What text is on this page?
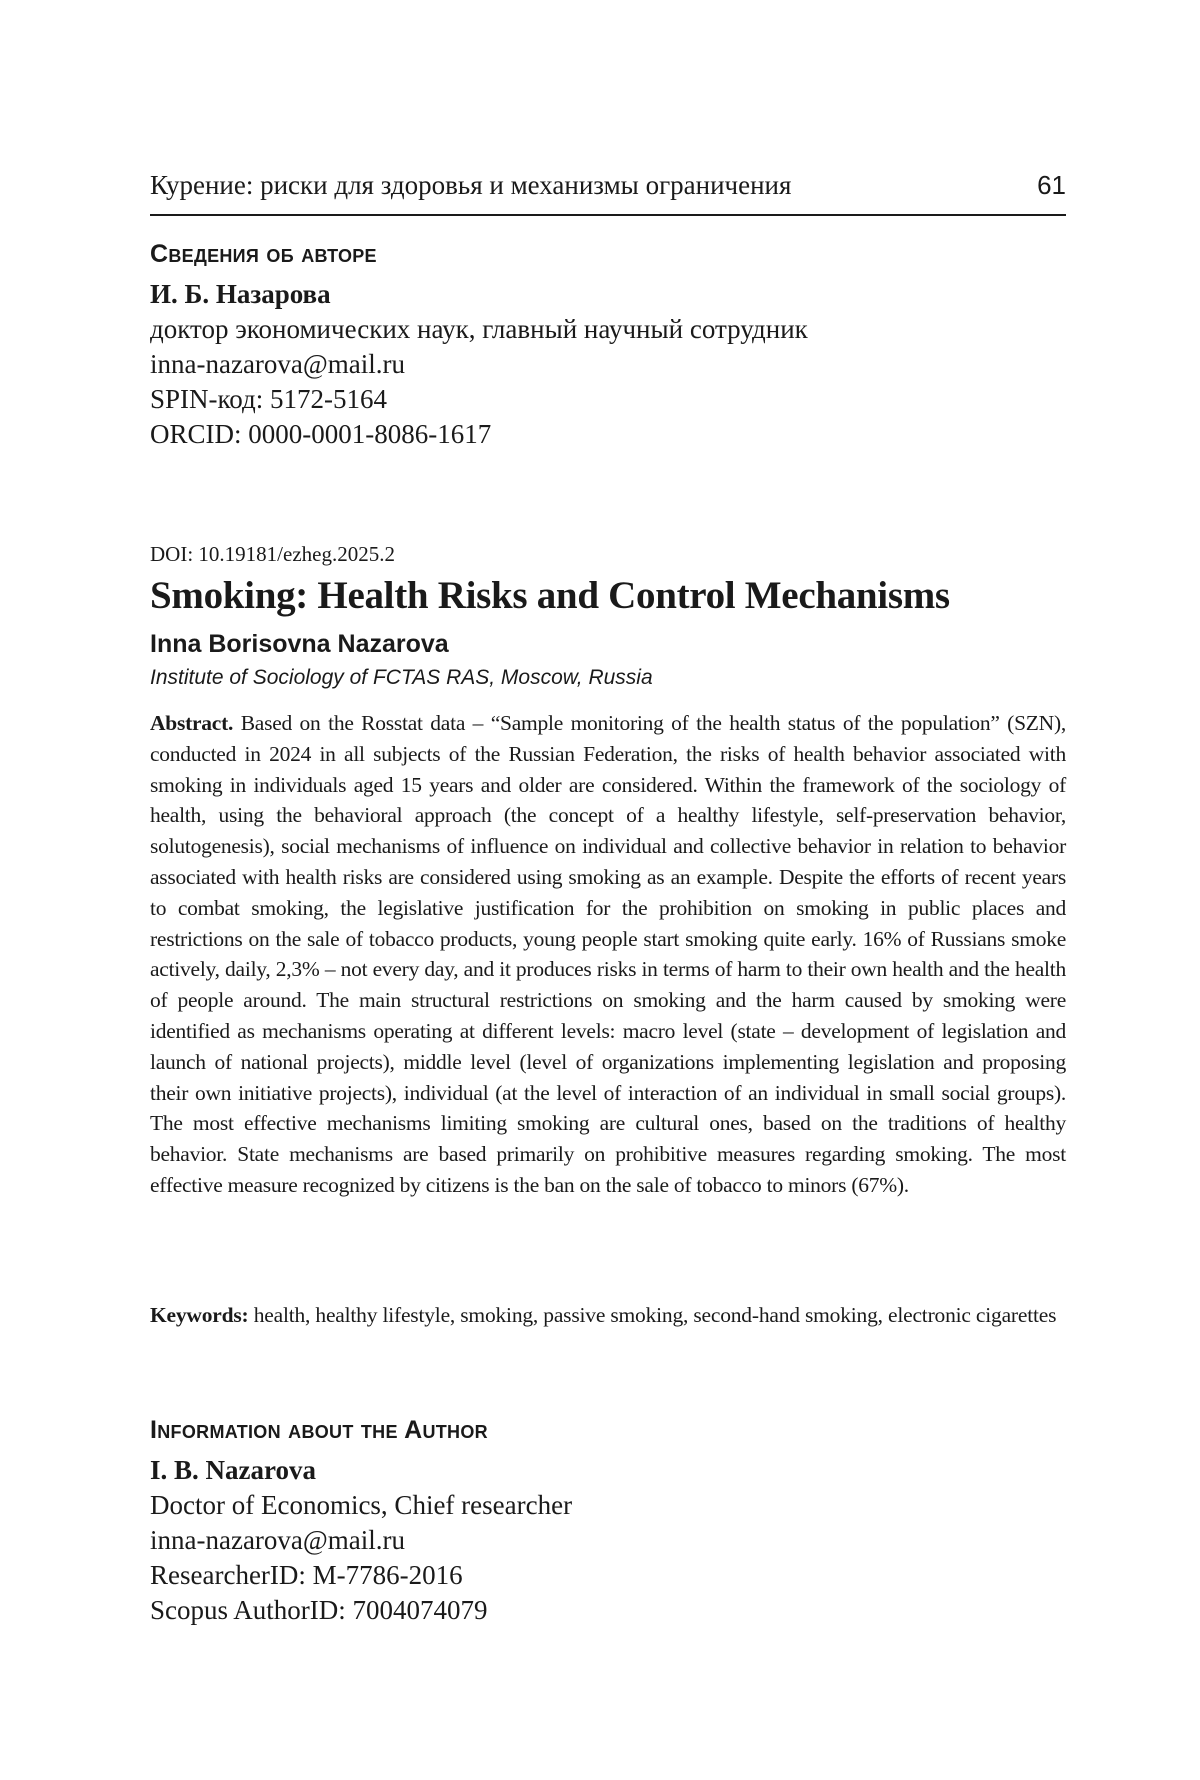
Курение: риски для здоровья и механизмы ограничения	61
Сведения об авторе

И. Б. Назарова

доктор экономических наук, главный научный сотрудник

inna-nazarova@mail.ru

SPIN-код: 5172-5164

ORCID: 0000-0001-8086-1617

DOI: 10.19181/ezheg.2025.2
Smoking: Health Risks and Control Mechanisms

Inna Borisovna Nazarova

Institute of Sociology of FCTAS RAS, Moscow, Russia

Abstract. Based on the Rosstat data – “Sample monitoring of the health status of the population” (SZN), conducted in 2024 in all subjects of the Russian Federation, the risks of health behavior associated with smoking in individuals aged 15 years and older are considered. Within the framework of the sociology of health, using the behavioral approach (the concept of a healthy lifestyle, self-preservation behavior, solutogenesis), social mechanisms of influence on individual and collective behavior in relation to behavior associated with health risks are considered using smoking as an example. Despite the efforts of recent years to combat smoking, the legislative justification for the prohibition on smoking in public places and restrictions on the sale of tobacco products, young people start smoking quite early. 16% of Russians smoke actively, daily, 2,3% – not every day, and it produces risks in terms of harm to their own health and the health of people around. The main structural restrictions on smoking and the harm caused by smoking were identified as mechanisms operating at different levels: macro level (state – development of legislation and launch of national projects), middle level (level of organizations implementing legislation and proposing their own initiative projects), individual (at the level of interaction of an individual in small social groups). The most effective mechanisms limiting smoking are cultural ones, based on the traditions of healthy behavior. State mechanisms are based primarily on prohibitive measures regarding smoking. The most effective measure recognized by citizens is the ban on the sale of tobacco to minors (67%).

Keywords: health, healthy lifestyle, smoking, passive smoking, second-hand smoking, electronic cigarettes

Information about the Author

I. B. Nazarova

Doctor of Economics, Chief researcher

inna-nazarova@mail.ru

ResearcherID: M-7786-2016

Scopus AuthorID: 7004074079
